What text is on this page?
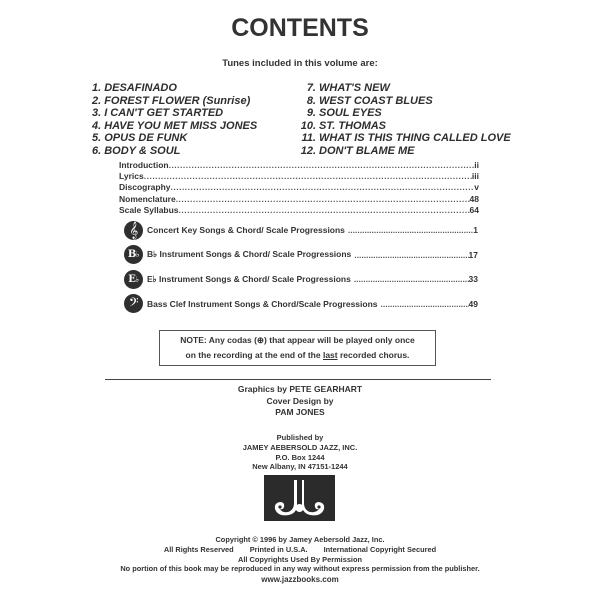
CONTENTS
Tunes included in this volume are:
1. DESAFINADO
2. FOREST FLOWER (Sunrise)
3. I CAN'T GET STARTED
4. HAVE YOU MET MISS JONES
5. OPUS DE FUNK
6. BODY & SOUL
7. WHAT'S NEW
8. WEST COAST BLUES
9. SOUL EYES
10. ST. THOMAS
11. WHAT IS THIS THING CALLED LOVE
12. DON'T BLAME ME
Introduction .....	ii
Lyrics .....	iii
Discography .....	v
Nomenclature .....	48
Scale Syllabus .....	64
𝄞	Concert Key Songs & Chord/ Scale Progressions .....	1
B ♭ B♭ Instrument Songs & Chord/ Scale Progressions .....	17
E ♭ E♭ Instrument Songs & Chord/ Scale Progressions .....	33
𝄢	Bass Clef Instrument Songs & Chord/Scale Progressions .....	49
NOTE: Any codas (⊕) that appear will be played only once
on the recording at the end of the last recorded chorus.
Graphics by PETE GEARHART
Cover Design by
PAM JONES
Published by
JAMEY AEBERSOLD JAZZ, INC.
P.O. Box 1244
New Albany, IN 47151-1244
Copyright © 1996 by Jamey Aebersold Jazz, Inc.
All Rights Reserved Printed in U.S.A. International Copyright Secured
All Copyrights Used By Permission
No portion of this book may be reproduced in any way without express permission from the publisher.
www.jazzbooks.com
